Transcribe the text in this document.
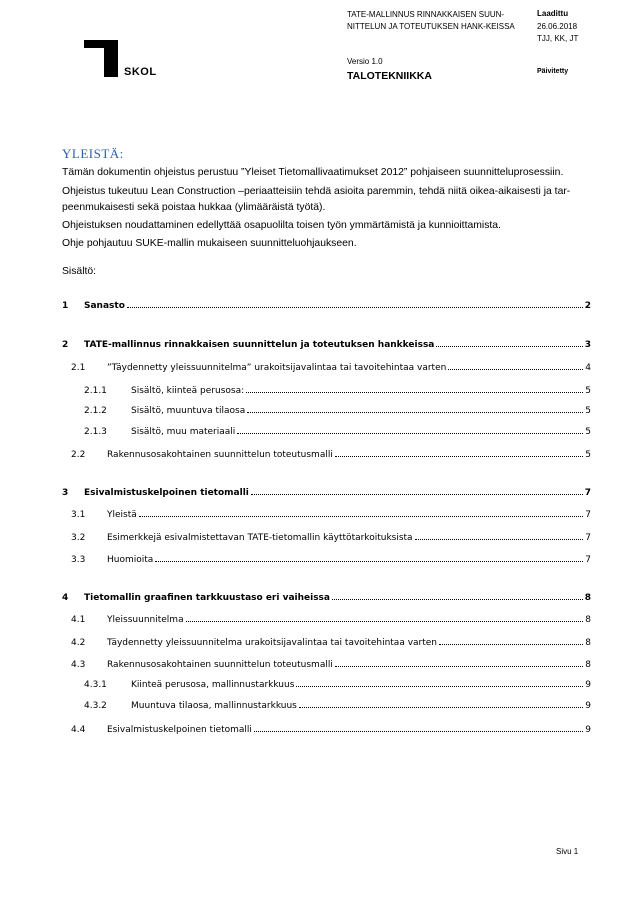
SKOL
TATE-MALLINNUS RINNAKKAISEN SUUN-NITTELUN JA TOTEUTUKSEN HANK-KEISSA
Versio 1.0
TALOTEKNIIKKA
Laadittu
26.06.2018
TJJ, KK, JT
Päivitetty
YLEISTÄ:
Tämän dokumentin ohjeistus perustuu ”Yleiset Tietomallivaatimukset 2012” pohjaiseen suunnitteluprosessiin.
Ohjeistus tukeutuu Lean Construction –periaatteisiin tehdä asioita paremmin, tehdä niitä oikea-aikaisesti ja tar-peenmukaisesti sekä poistaa hukkaa (ylimääräistä työtä).
Ohjeistuksen noudattaminen edellyttää osapuolilta toisen työn ymmärtämistä ja kunnioittamista.
Ohje pohjautuu SUKE-mallin mukaiseen suunnitteluohjaukseen.
Sisältö:
1	Sanasto	2
2	TATE-mallinnus rinnakkaisen suunnittelun ja toteutuksen hankkeissa	3
2.1	”Täydennetty yleissuunnitelma” urakoitsijavalintaa tai tavoitehintaa varten	4
2.1.1	Sisältö, kiinteä perusosa:	5
2.1.2	Sisältö, muuntuva tilaosa	5
2.1.3	Sisältö, muu materiaali	5
2.2	Rakennusosakohtainen suunnittelun toteutusmalli	5
3	Esivalmistuskelpoinen tietomalli	7
3.1	Yleistä	7
3.2	Esimerkkejä esivalmistettavan TATE-tietomallin käyttötarkoituksista	7
3.3	Huomioita	7
4	Tietomallin graafinen tarkkuustaso eri vaiheissa	8
4.1	Yleissuunnitelma	8
4.2	Täydennetty yleissuunnitelma urakoitsijavalintaa tai tavoitehintaa varten	8
4.3	Rakennusosakohtainen suunnittelun toteutusmalli	8
4.3.1	Kiinteä perusosa, mallinnustarkkuus	9
4.3.2	Muuntuva tilaosa, mallinnustarkkuus	9
4.4	Esivalmistuskelpoinen tietomalli	9
Sivu 1
